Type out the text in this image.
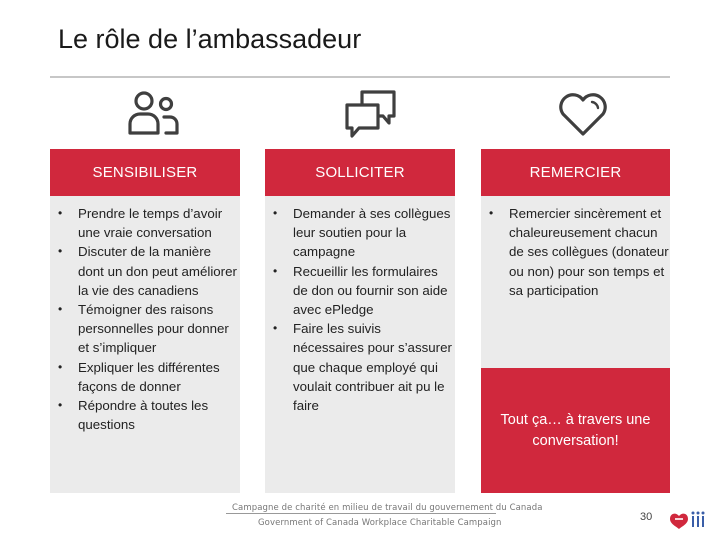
Le rôle de l’ambassadeur
SENSIBILISER	SOLLICITER	REMERCIER
• Prendre le temps d’avoir une vraie conversation
• Discuter de la manière dont un don peut améliorer la vie des canadiens
• Témoigner des raisons personnelles pour donner et s’impliquer
• Expliquer les différentes façons de donner
• Répondre à toutes les questions
• Demander à ses collègues leur soutien pour la campagne
• Recueillir les formulaires de don ou fournir son aide avec ePledge
• Faire les suivis nécessaires pour s’assurer que chaque employé qui voulait contribuer ait pu le faire
• Remercier sincèrement et chaleureusement chacun de ses collègues (donateur ou non) pour son temps et sa participation
Tout ça… à travers une conversation!
Campagne de charité en milieu de travail du gouvernement du Canada
Government of Canada Workplace Charitable Campaign	30
